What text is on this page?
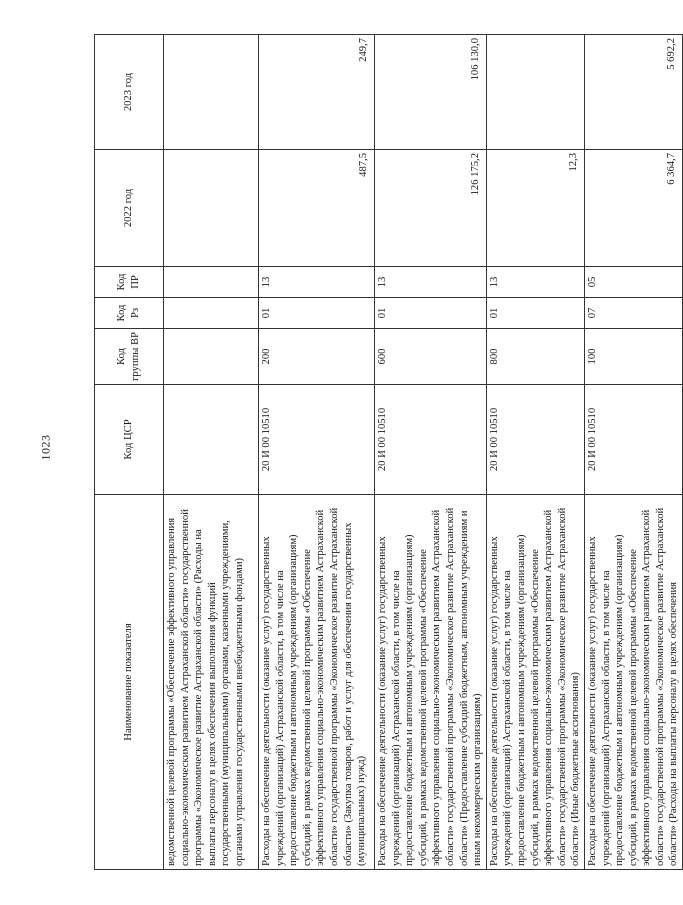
1023
Наименование показателя	Код ЦСР	Код группы ВР	Код Рз	Код ПР	2022 год	2023 год
ведомственной целевой программы «Обеспечение эффективного управления социально-экономическим развитием Астраханской области» государственной программы «Экономическое развитие Астраханской области» (Расходы на выплаты персоналу в целях обеспечения выполнения функций государственными (муниципальными) органами, казенными учреждениями, органами управления государственными внебюджетными фондами)						
Расходы на обеспечение деятельности (оказание услуг) государственных учреждений (организаций) Астраханской области, в том числе на предоставление бюджетным и автономным учреждениям (организациям) субсидий, в рамках ведомственной целевой программы «Обеспечение эффективного управления социально-экономическим развитием Астраханской области» государственной программы «Экономическое развитие Астраханской области» (Закупка товаров, работ и услуг для обеспечения государственных (муниципальных) нужд)	20 И 00 10510	200	01	13	487,5	249,7
Расходы на обеспечение деятельности (оказание услуг) государственных учреждений (организаций) Астраханской области, в том числе на предоставление бюджетным и автономным учреждениям (организациям) субсидий, в рамках ведомственной целевой программы «Обеспечение эффективного управления социально-экономическим развитием Астраханской области» государственной программы «Экономическое развитие Астраханской области» (Предоставление субсидий бюджетным, автономным учреждениям и иным некоммерческим организациям)	20 И 00 10510	600	01	13	126 175,2	106 130,0
Расходы на обеспечение деятельности (оказание услуг) государственных учреждений (организаций) Астраханской области, в том числе на предоставление бюджетным и автономным учреждениям (организациям) субсидий, в рамках ведомственной целевой программы «Обеспечение эффективного управления социально-экономическим развитием Астраханской области» государственной программы «Экономическое развитие Астраханской области» (Иные бюджетные ассигнования)	20 И 00 10510	800	01	13	12,3	
Расходы на обеспечение деятельности (оказание услуг) государственных учреждений (организаций) Астраханской области, в том числе на предоставление бюджетным и автономным учреждениям (организациям) субсидий, в рамках ведомственной целевой программы «Обеспечение эффективного управления социально-экономическим развитием Астраханской области» государственной программы «Экономическое развитие Астраханской области» (Расходы на выплаты персоналу в целях обеспечения	20 И 00 10510	100	07	05	6 364,7	5 692,2
